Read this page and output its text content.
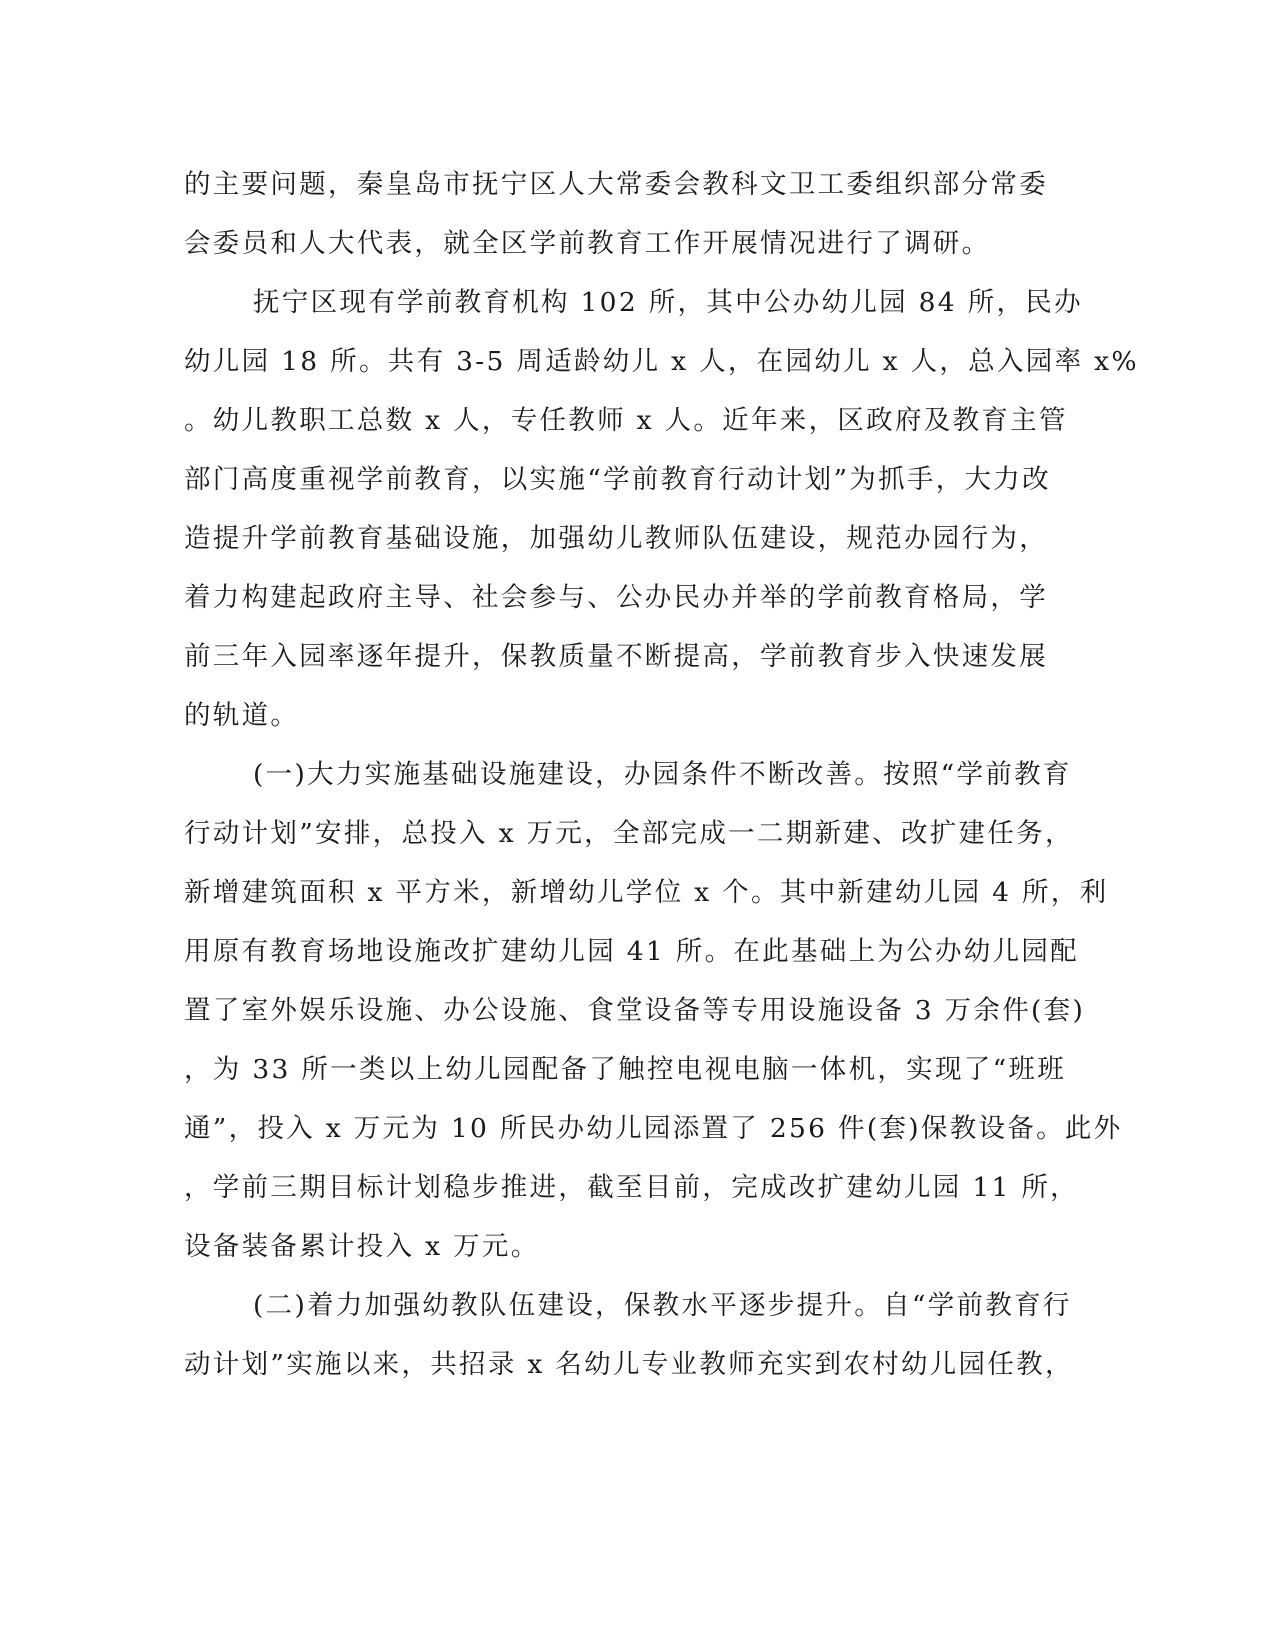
的主要问题，秦皇岛市抚宁区人大常委会教科文卫工委组织部分常委
会委员和人大代表，就全区学前教育工作开展情况进行了调研。
抚宁区现有学前教育机构 102 所，其中公办幼儿园 84 所，民办
幼儿园 18 所。共有 3-5 周适龄幼儿 x 人，在园幼儿 x 人，总入园率 x%
。幼儿教职工总数 x 人，专任教师 x 人。近年来，区政府及教育主管
部门高度重视学前教育，以实施“学前教育行动计划”为抓手，大力改
造提升学前教育基础设施，加强幼儿教师队伍建设，规范办园行为，
着力构建起政府主导、社会参与、公办民办并举的学前教育格局，学
前三年入园率逐年提升，保教质量不断提高，学前教育步入快速发展
的轨道。
(一)大力实施基础设施建设，办园条件不断改善。按照“学前教育
行动计划”安排，总投入 x 万元，全部完成一二期新建、改扩建任务，
新增建筑面积 x 平方米，新增幼儿学位 x 个。其中新建幼儿园 4 所，利
用原有教育场地设施改扩建幼儿园 41 所。在此基础上为公办幼儿园配
置了室外娱乐设施、办公设施、食堂设备等专用设施设备 3 万余件(套)
，为 33 所一类以上幼儿园配备了触控电视电脑一体机，实现了“班班
通”，投入 x 万元为 10 所民办幼儿园添置了 256 件(套)保教设备。此外
，学前三期目标计划稳步推进，截至目前，完成改扩建幼儿园 11 所，
设备装备累计投入 x 万元。
(二)着力加强幼教队伍建设，保教水平逐步提升。自“学前教育行
动计划”实施以来，共招录 x 名幼儿专业教师充实到农村幼儿园任教，
